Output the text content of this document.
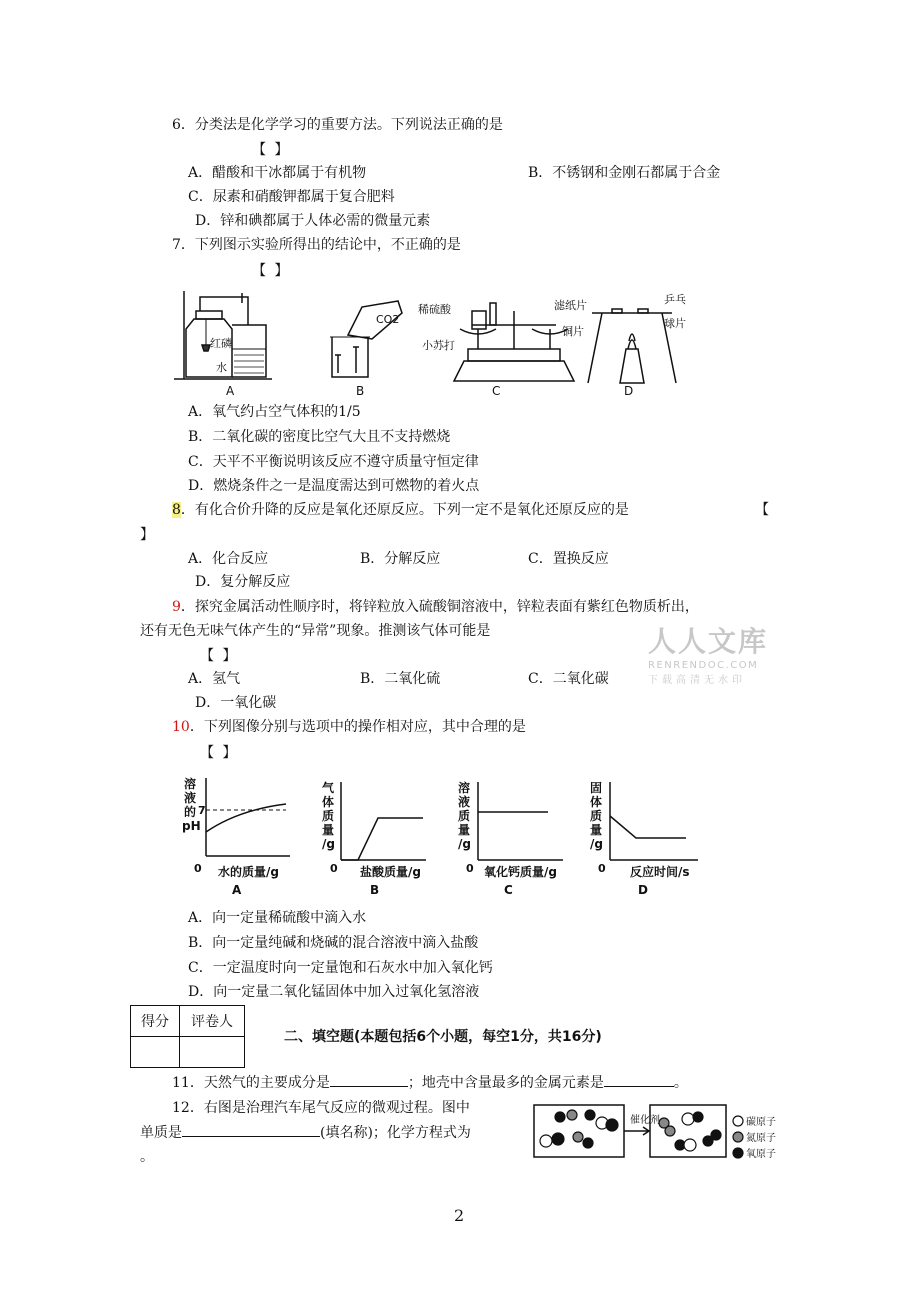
6．分类法是化学学习的重要方法。下列说法正确的是
【 】
A．醋酸和干冰都属于有机物	B．不锈钢和金刚石都属于合金
C．尿素和硝酸钾都属于复合肥料
D．锌和碘都属于人体必需的微量元素
7．下列图示实验所得出的结论中，不正确的是
【 】
红磷
水
A
CO2
B
稀硫酸
小苏打
C
滤纸片	乒乓
球片
铜片
D
A．氧气约占空气体积的1/5
B．二氧化碳的密度比空气大且不支持燃烧
C．天平不平衡说明该反应不遵守质量守恒定律
D．燃烧条件之一是温度需达到可燃物的着火点
8．有化合价升降的反应是氧化还原反应。下列一定不是氧化还原反应的是	【
】
A．化合反应	B．分解反应	C．置换反应
D．复分解反应
9．探究金属活动性顺序时，将锌粒放入硫酸铜溶液中，锌粒表面有紫红色物质析出，
还有无色无味气体产生的“异常”现象。推测该气体可能是
【 】
A．氢气	B．二氧化硫	C．二氧化碳
D．一氧化碳
人人文库
RENRENDOC.COM
下载高清无水印
10．下列图像分别与选项中的操作相对应，其中合理的是
【 】
溶
液
的
pH
7
0 水的质量/g
A
气
体
质
量
/g
0 盐酸质量/g
B
溶
液
质
量
/g
0 氧化钙质量/g
C
固
体
质
量
/g
0 反应时间/s
D
A．向一定量稀硫酸中滴入水
B．向一定量纯碱和烧碱的混合溶液中滴入盐酸
C．一定温度时向一定量饱和石灰水中加入氧化钙
D．向一定量二氧化锰固体中加入过氧化氢溶液
得分	评卷人

二、填空题(本题包括6个小题，每空1分，共16分)
11．天然气的主要成分是	；地壳中含量最多的金属元素是	。
12．右图是治理汽车尾气反应的微观过程。图中
单质是	(填名称)；化学方程式为
。
催化剂	碳原子
氮原子
氧原子
2
